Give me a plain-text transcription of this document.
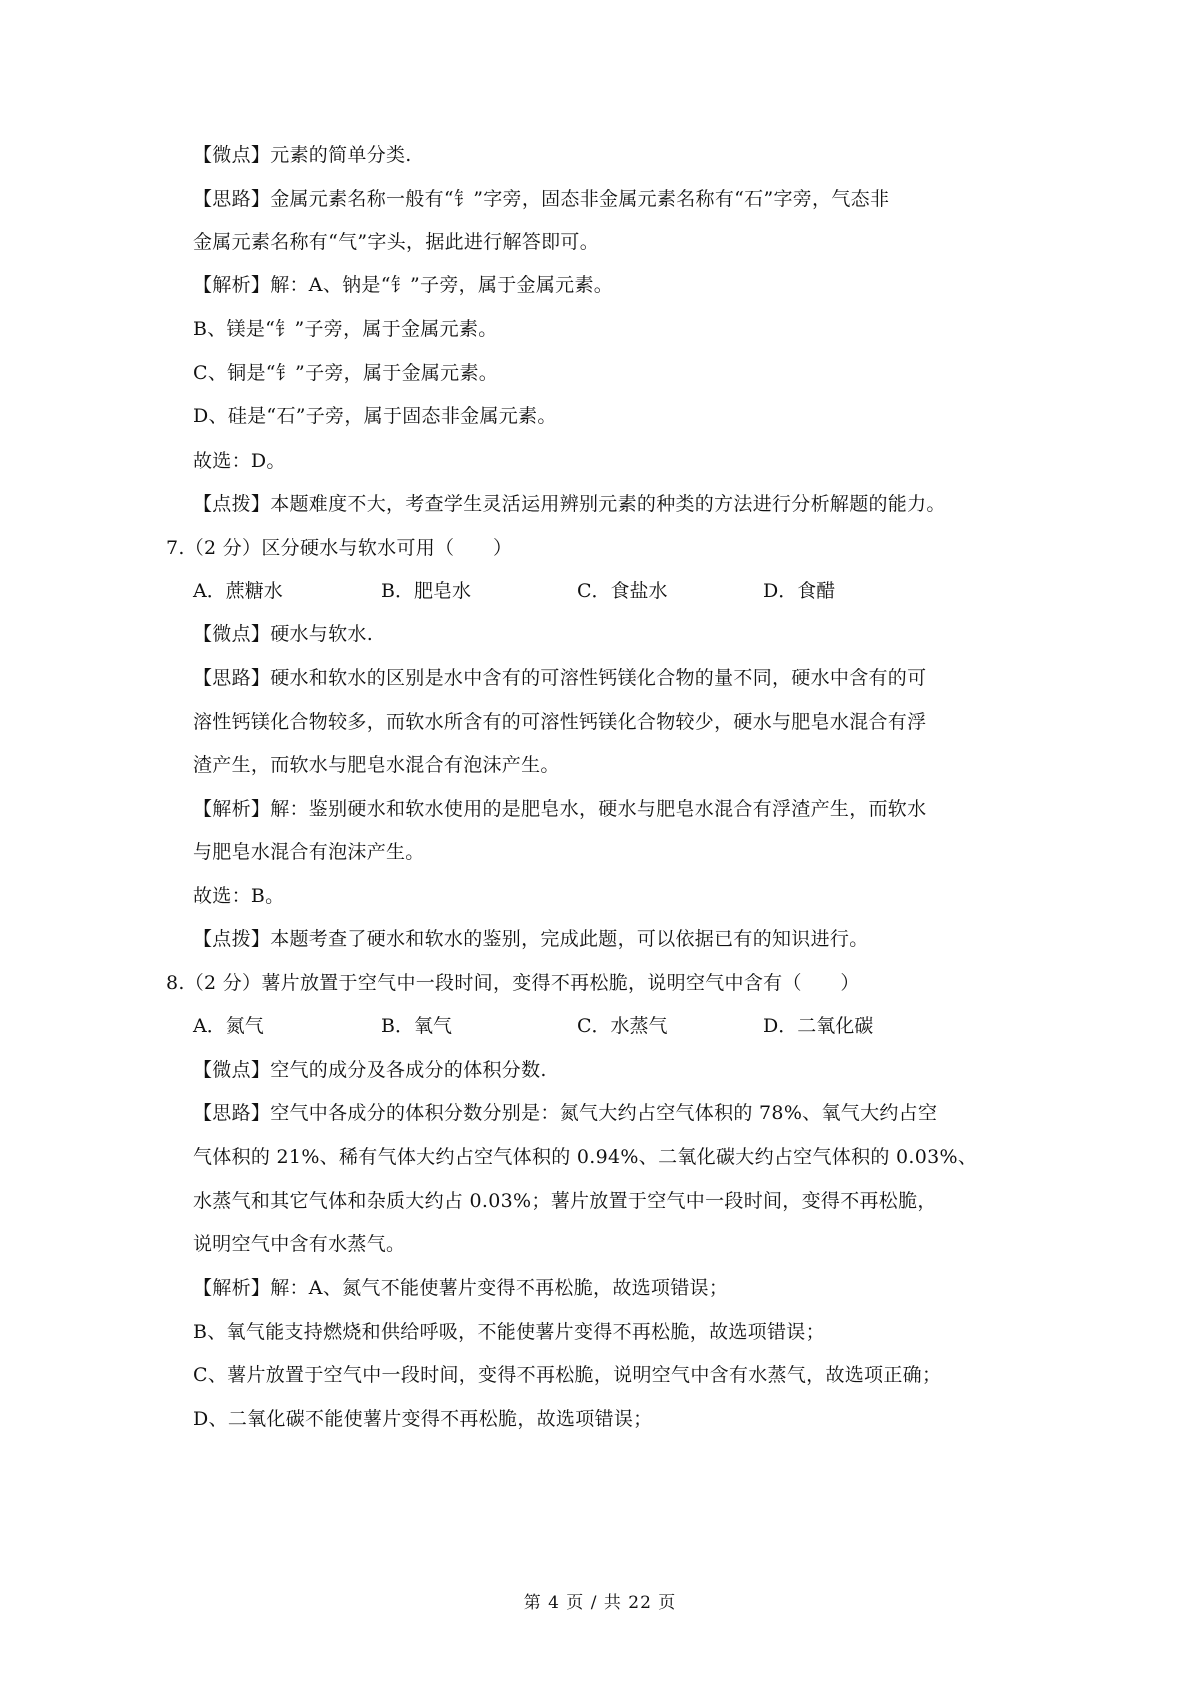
【微点】元素的简单分类.
【思路】金属元素名称一般有“钅”字旁，固态非金属元素名称有“石”字旁，气态非
金属元素名称有“气”字头，据此进行解答即可。
【解析】解：A、钠是“钅”子旁，属于金属元素。
B、镁是“钅”子旁，属于金属元素。
C、铜是“钅”子旁，属于金属元素。
D、硅是“石”子旁，属于固态非金属元素。
故选：D。
【点拨】本题难度不大，考查学生灵活运用辨别元素的种类的方法进行分析解题的能力。
7.（2 分）区分硬水与软水可用（　　）
A．蔗糖水	B．肥皂水	C．食盐水	D．食醋
【微点】硬水与软水.
【思路】硬水和软水的区别是水中含有的可溶性钙镁化合物的量不同，硬水中含有的可
溶性钙镁化合物较多，而软水所含有的可溶性钙镁化合物较少，硬水与肥皂水混合有浮
渣产生，而软水与肥皂水混合有泡沫产生。
【解析】解：鉴别硬水和软水使用的是肥皂水，硬水与肥皂水混合有浮渣产生，而软水
与肥皂水混合有泡沫产生。
故选：B。
【点拨】本题考查了硬水和软水的鉴别，完成此题，可以依据已有的知识进行。
8.（2 分）薯片放置于空气中一段时间，变得不再松脆，说明空气中含有（　　）
A．氮气	B．氧气	C．水蒸气	D．二氧化碳
【微点】空气的成分及各成分的体积分数.
【思路】空气中各成分的体积分数分别是：氮气大约占空气体积的 78%、氧气大约占空
气体积的 21%、稀有气体大约占空气体积的 0.94%、二氧化碳大约占空气体积的 0.03%、
水蒸气和其它气体和杂质大约占 0.03%；薯片放置于空气中一段时间，变得不再松脆，
说明空气中含有水蒸气。
【解析】解：A、氮气不能使薯片变得不再松脆，故选项错误；
B、氧气能支持燃烧和供给呼吸，不能使薯片变得不再松脆，故选项错误；
C、薯片放置于空气中一段时间，变得不再松脆，说明空气中含有水蒸气，故选项正确；
D、二氧化碳不能使薯片变得不再松脆，故选项错误；
第 4 页 / 共 22 页
